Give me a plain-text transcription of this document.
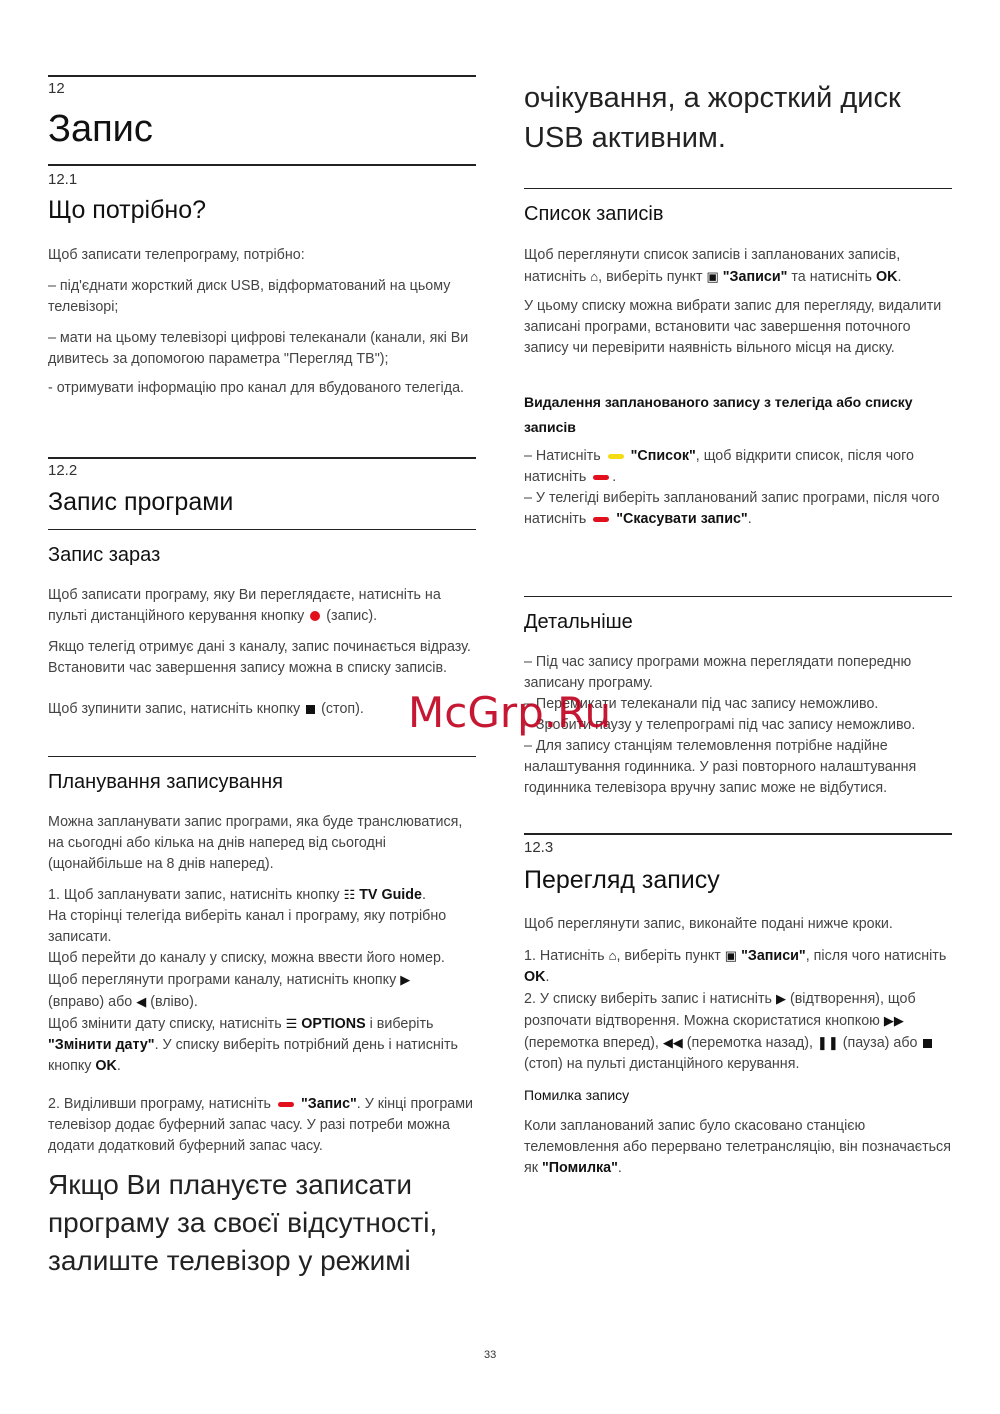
12
Запис
12.1
Що потрібно?
Щоб записати телепрограму, потрібно:
– під'єднати жорсткий диск USB, відформатований на цьому телевізорі;
– мати на цьому телевізорі цифрові телеканали (канали, які Ви дивитесь за допомогою параметра "Перегляд ТВ");
- отримувати інформацію про канал для вбудованого телегіда.
12.2
Запис програми
Запис зараз
Щоб записати програму, яку Ви переглядаєте, натисніть на пульті дистанційного керування кнопку (запис).
Якщо телегід отримує дані з каналу, запис починається відразу. Встановити час завершення запису можна в списку записів.
Щоб зупинити запис, натисніть кнопку (стоп).
Планування записування
Можна запланувати запис програми, яка буде транслюватися, на сьогодні або кілька на днів наперед від сьогодні (щонайбільше на 8 днів наперед).
1. Щоб запланувати запис, натисніть кнопку ☷ TV Guide.
На сторінці телегіда виберіть канал і програму, яку потрібно записати.
Щоб перейти до каналу у списку, можна ввести його номер.
Щоб переглянути програми каналу, натисніть кнопку ▶
(вправо) або ◀ (вліво).
Щоб змінити дату списку, натисніть ☰ OPTIONS і виберіть "Змінити дату". У списку виберіть потрібний день і натисніть кнопку OK.
2. Виділивши програму, натисніть "Запис". У кінці програми телевізор додає буферний запас часу. У разі потреби можна додати додатковий буферний запас часу.
Якщо Ви плануєте записати програму за своєї відсутності, залиште телевізор у режимі
очікування, а жорсткий диск USB активним.
Список записів
Щоб переглянути список записів і запланованих записів, натисніть ⌂, виберіть пункт ▣ "Записи" та натисніть OK.
У цьому списку можна вибрати запис для перегляду, видалити записані програми, встановити час завершення поточного запису чи перевірити наявність вільного місця на диску.
Видалення запланованого запису з телегіда або списку записів
– Натисніть "Список", щоб відкрити список, після чого натисніть .
– У телегіді виберіть запланований запис програми, після чого натисніть "Скасувати запис".
Детальніше
– Під час запису програми можна переглядати попередню записану програму.
– Перемикати телеканали під час запису неможливо.
– Зробити паузу у телепрограмі під час запису неможливо.
– Для запису станціям телемовлення потрібне надійне налаштування годинника. У разі повторного налаштування годинника телевізора вручну запис може не відбутися.
12.3
Перегляд запису
Щоб переглянути запис, виконайте подані нижче кроки.
1. Натисніть ⌂, виберіть пункт ▣ "Записи", після чого натисніть OK.
2. У списку виберіть запис і натисніть ▶ (відтворення), щоб розпочати відтворення. Можна скористатися кнопкою ▶▶ (перемотка вперед), ◀◀ (перемотка назад), ❚❚ (пауза) або  (стоп) на пульті дистанційного керування.
Помилка запису
Коли запланований запис було скасовано станцією телемовлення або перервано телетрансляцію, він позначається як "Помилка".
McGrp.Ru
33
